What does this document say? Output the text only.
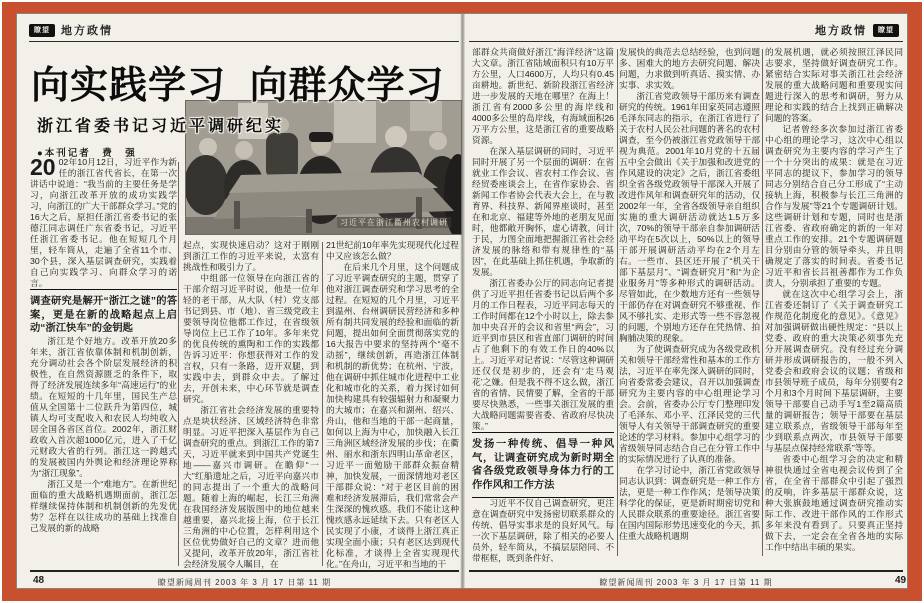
瞭望	地方政情
习近平在浙江衢州农村调研
向实践学习 向群众学习
浙江省委书记习近平调研纪实
●本刊记者　费　强

20 02年10月12日，习近平作为新任的浙江省代省长，在第一次讲话中说道：“我当前的主要任务是学习，向浙江改革开放的成功实践学习，向浙江的广大干部群众学习。”党的16大之后，原担任浙江省委书记的张德江同志调任广东省委书记，习近平任浙江省委书记。他在短短几个月里，轻车简从，走遍了全省11个市、30个县，深入基层调查研究，实践着自己向实践学习、向群众学习的诺言。

调查研究是解开“浙江之谜”的答案，更是在新的战略起点上启动“浙江快车”的金钥匙

浙江是个好地方。改革开放20多年来，浙江省依靠体制和机制创新，充分调动社会各个阶层发展经济的积极性，在自然资源匮乏的条件下，取得了经济发展连续多年“高速运行”的业绩。在短短的十几年里，国民生产总值从全国第十二位跃升为第四位，城镇人均可支配收入和农民人均纯收入居全国各省区首位。2002年，浙江财政收入首次超1000亿元，进入了千亿元财政大省的行列。浙江这一跨越式的发展被国内外舆论和经济理论界称为“浙江现象”。

浙江又是一个“难地方”。在新世纪面临的重大战略机遇期面前，浙江怎样继续保持体制和机制创新的先发优势？怎样在以往成功的基础上找准自己发展的新的战略

起点，实现快速启动？这对于刚刚到浙江工作的习近平来说，太富有挑战性和吸引力了。

中组部一位领导在向浙江省的干部介绍习近平时说，他是一位年轻的老干部，从大队（村）党支部书记到县、市（地）、省三级党政主要领导岗位他都工作过，在省级领导岗位上已工作了10年。多年来党的优良传统的熏陶和工作的实践都告诉习近平：你想获得对工作的发言权，只有一条路，迈开双腿，到实践中去，到群众中去。了解过去，开创未来，中心环节就是调查研究。

浙江省社会经济发展的重要特点是块状经济、区域经济特色非常明显。习近平把深入基层作为自己调查研究的重点。到浙江工作的第7天，习近平就来到中国共产党诞生地——嘉兴市调研。在瞻仰“一大”红船遗址之后，习近平向嘉兴市的同志提出了一个重大的战略问题。随着上海的崛起，长江三角洲在我国经济发展版图中的地位越来越重要，嘉兴北接上海，位于长江三角洲的中心位置，怎样利用这个区位优势做好自己的文章？进而他又提问，改革开放20年，浙江省社会经济发展令人瞩目，在

21世纪前10年率先实现现代化过程中又应该怎么做？

在后来几个月里，这个问题成了习近平调查研究的主题，贯穿了他对浙江调查研究和学习思考的全过程。在短短的几个月里，习近平到温州、台州调研民营经济和多种所有制共同发展的经验和面临的新问题，提出如何全面贯彻落实党的16大报告中要求的坚持两个“毫不动摇”，继续创新，再造浙江体制和机制的新优势；在杭州、宁波，他在调研中抓住城市化进程中工业化和城市化的关系，着力探讨如何加快构建具有较强辐射力和凝聚力的大城市；在嘉兴和湖州、绍兴、舟山，他和当地的干部一起商量，如何以上海为中心，加快融入长江三角洲区域经济发展的步伐；在衢州、丽水和浙东四明山革命老区，习近平一面勉励干部群众振奋精神，加快发展，一面深情地对老区干部群众说：“对于老区目前的困难和经济发展滞后，我们常常会产生深深的愧疚感。我们不能让这种愧疚感永远延续下去。只有老区人民实现了小康，才谈得上浙江真正实现全面小康；只有老区达到现代化标准，才谈得上全省实现现代化。”在舟山，习近平和当地的干

48	瞭望新闻周刊 2003 年 3 月 17 日第 11 期
地方政情	瞭望

部群众共商做好浙江“海洋经济”这篇大文章。浙江省陆域面积只有10万平方公里，人口4600万，人均只有0.45亩耕地。新世纪、新阶段浙江省经济进一步发展的天地在哪里？在海上！浙江省有2000多公里的海岸线和4000多公里的岛岸线，有海域面积26万平方公里，这是浙江省的重要战略资源。

在深入基层调研的同时，习近平同时开展了另一个层面的调研：在省就业工作会议、省农村工作会议、省经贸委座谈会上，在省作家协会、省新闻工作者协会代表大会上，在与教育界、科技界、新闻界座谈时，甚至在和北京、福建等外地的老朋友见面时，他都敞开胸怀，虚心请教，问计于民，力图全面地把握浙江省社会经济发展的脉络和带有规律性的“基因”，在此基础上抓住机遇，争取新的发展。

浙江省委办公厅的同志向记者提供了习近平担任省委书记以后两个多月的工作日程表，习近平同志每天的工作时间都在12个小时以上，除去参加中央召开的会议和省里“两会”，习近平到市县区和省直部门调研的时间占了他剩下的有效工作日的40%以上。习近平对记者说：“尽管这种调研还仅仅是初步的，还会有‘走马观花’之嫌。但是我不得不这么做，浙江省的省情、民情要了解，全省的干部要尽快熟悉，一些事关浙江发展的重大战略问题需要省委、省政府尽快决策。”

发扬一种传统、倡导一种风气，让调查研究成为新时期全省各级党政领导身体力行的工作作风和工作方法

习近平不仅自己调查研究，更注意在调查研究中发扬密切联系群众的传统、倡导实事求是的良好风气。每一次下基层调研，除了相关的必要人员外，轻车简从，不搞层层陪同、不带框框，既到条件好、

发展快的典范去总结经验，也到问题多、困难大的地方去研究问题、解决问题，力求做到听真话、摸实情、办实事、求实效。

浙江省党政领导干部历来有调查研究的传统。1961年田家英同志遵照毛泽东同志的指示，在浙江省进行了关于农村人民公社问题的著名的农村调查，至今仍被浙江省党政领导干部视为典范。2001年10月党的十五届五中全会做出《关于加强和改进党的作风建设的决定》之后，浙江省委组织全省各级党政领导干部深入开展了改进作风年和调查研究年的活动，仅2002年一年，全省各级领导亲自组织实施的重大调研活动就达1.5万多次，70%的领导干部亲自参加调研活动平均在5次以上，50%以上的领导干部开展调研活动平均在2个月左右。一些市、县区还开展了“机关干部下基层月”、“调查研究月”和“为企业服务月”等多种形式的调研活动。尽管如此，在少数地方还有一些领导干部仍存在对调查研究不够重视、作风不够扎实、走形式等一些不容忽视的问题，个别地方还存在凭热情、拍胸脯决策的现象。

为了使调查研究成为各级党政机关和领导干部经常性和基本的工作方法，习近平在率先深入调研的同时，向省委常委会建议，召开以加强调查研究为主要内容的中心组理论学习会。会前，省委办公厅专门整理印发了毛泽东、邓小平、江泽民党的三代领导人有关领导干部调查研究的重要论述的学习材料。参加中心组学习的省级领导同志结合自己在分管工作中的实际情况进行了认真的准备。

在学习讨论中，浙江省党政领导同志认识到：调查研究是一种工作方法，更是一种工作作风；是领导决策科学化的保证，更是新时期密切党和人民群众联系的重要途径。浙江省要在国内国际形势迅速变化的今天，抓住重大战略机遇期

的发展机遇，就必须按照江泽民同志要求，坚持做好调查研究工作。紧密结合实际对事关浙江社会经济发展的重大战略问题和重要现实问题进行深入的思考和调研，努力从理论和实践的结合上找到正确解决问题的答案。

记者曾经多次参加过浙江省委中心组的理论学习，这次中心组以调查研究为主要内容的学习产生了一个十分突出的成果：就是在习近平同志的提议下，参加学习的领导同志分别结合自己分工形成了“主动接轨上海，积极参与长江三角洲的合作与发展”等21个专题调研计划。这些调研计划和专题，同时也是浙江省委、省政府确定的新的一年对重点工作的安排。21个专题调研题目分别由分管的领导牵头，并且明确规定了落实的时间表。省委书记习近平和省长吕祖善都作为工作负责人，分别承担了重要的专题。

就在这次中心组学习会上，浙江省委还制订了《关于调查研究工作规范化制度化的意见》。《意见》对加强调研做出硬性规定：“县以上党委、政府的重大决策必须事先充分开展调查研究。没有经过充分调研并形成调研报告的，一般不列入党委会和政府会议的议题；省级和市县领导班子成员，每年分别要有2个月和3个月时间下基层调研，主要领导干部要自己动手写1至2篇高质量的调研报告；领导干部要在基层建立联系点，省级领导干部每年至少到联系点两次，市县领导干部要与基层点保持经常联系”等等。

省委中心组学习会的决定和精神很快通过全省电视会议传到了全省，在全省干部群众中引起了强烈的反响，许多基层干部群众说，这种大张旗鼓地通过调查研究推动实际工作、改进干部作风的工作形式多年来没有看到了。只要真正坚持做下去，一定会在全省各地的实际工作中结出丰硕的果实。

瞭望新闻周刊 2003 年 3 月 17 日第 11 期	49
